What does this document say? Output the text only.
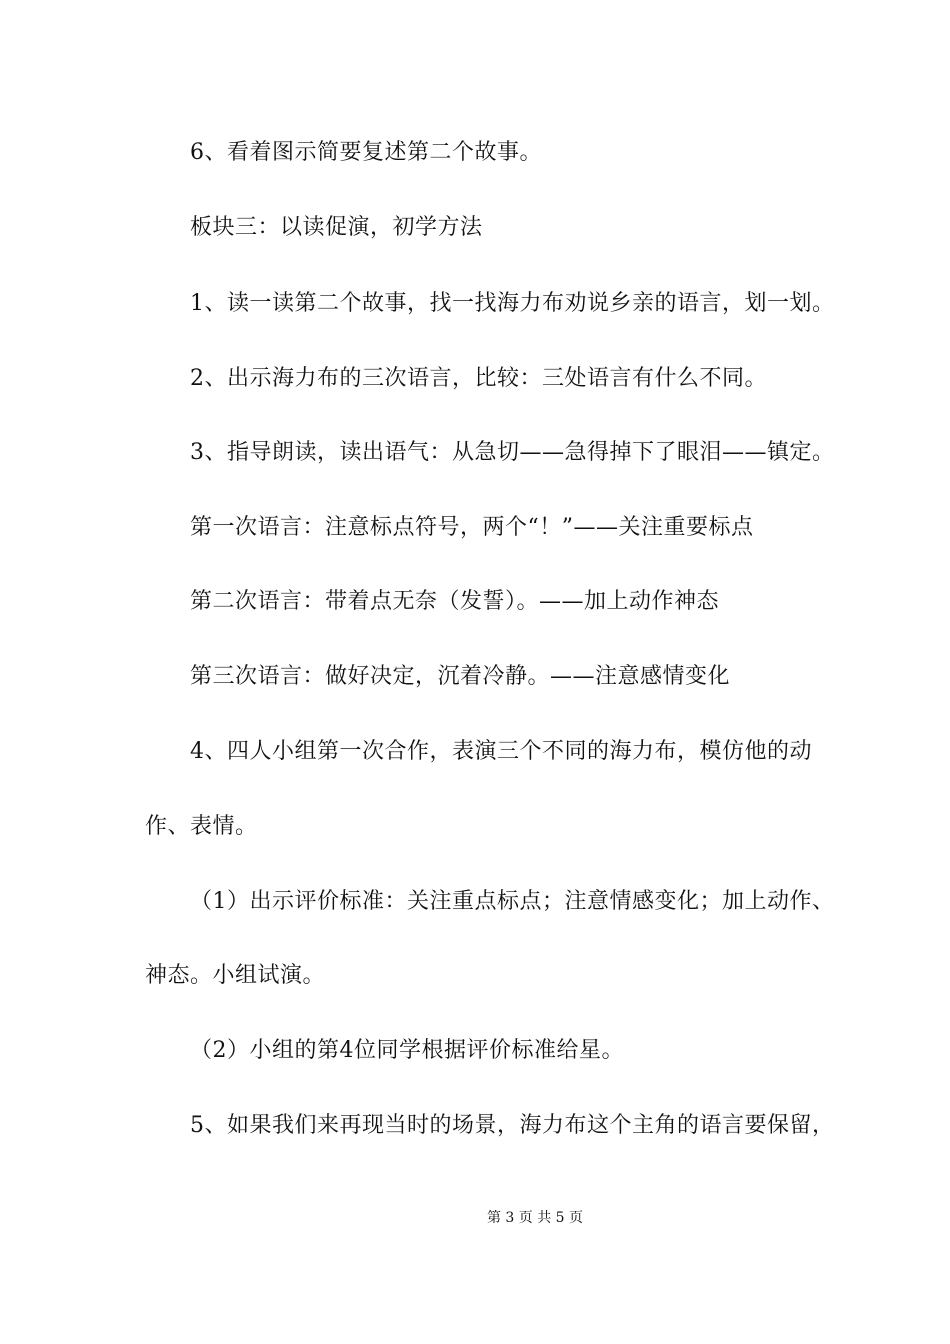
6、看着图示简要复述第二个故事。

板块三：以读促演，初学方法

1、读一读第二个故事，找一找海力布劝说乡亲的语言，划一划。

2、出示海力布的三次语言，比较：三处语言有什么不同。

3、指导朗读，读出语气：从急切——急得掉下了眼泪——镇定。

第一次语言：注意标点符号，两个“！”——关注重要标点

第二次语言：带着点无奈（发誓）。——加上动作神态

第三次语言：做好决定，沉着冷静。——注意感情变化

4、四人小组第一次合作，表演三个不同的海力布，模仿他的动

作、表情。

（1）出示评价标准：关注重点标点；注意情感变化；加上动作、

神态。小组试演。

（2）小组的第4位同学根据评价标准给星。

5、如果我们来再现当时的场景，海力布这个主角的语言要保留，

第 3 页 共 5 页
